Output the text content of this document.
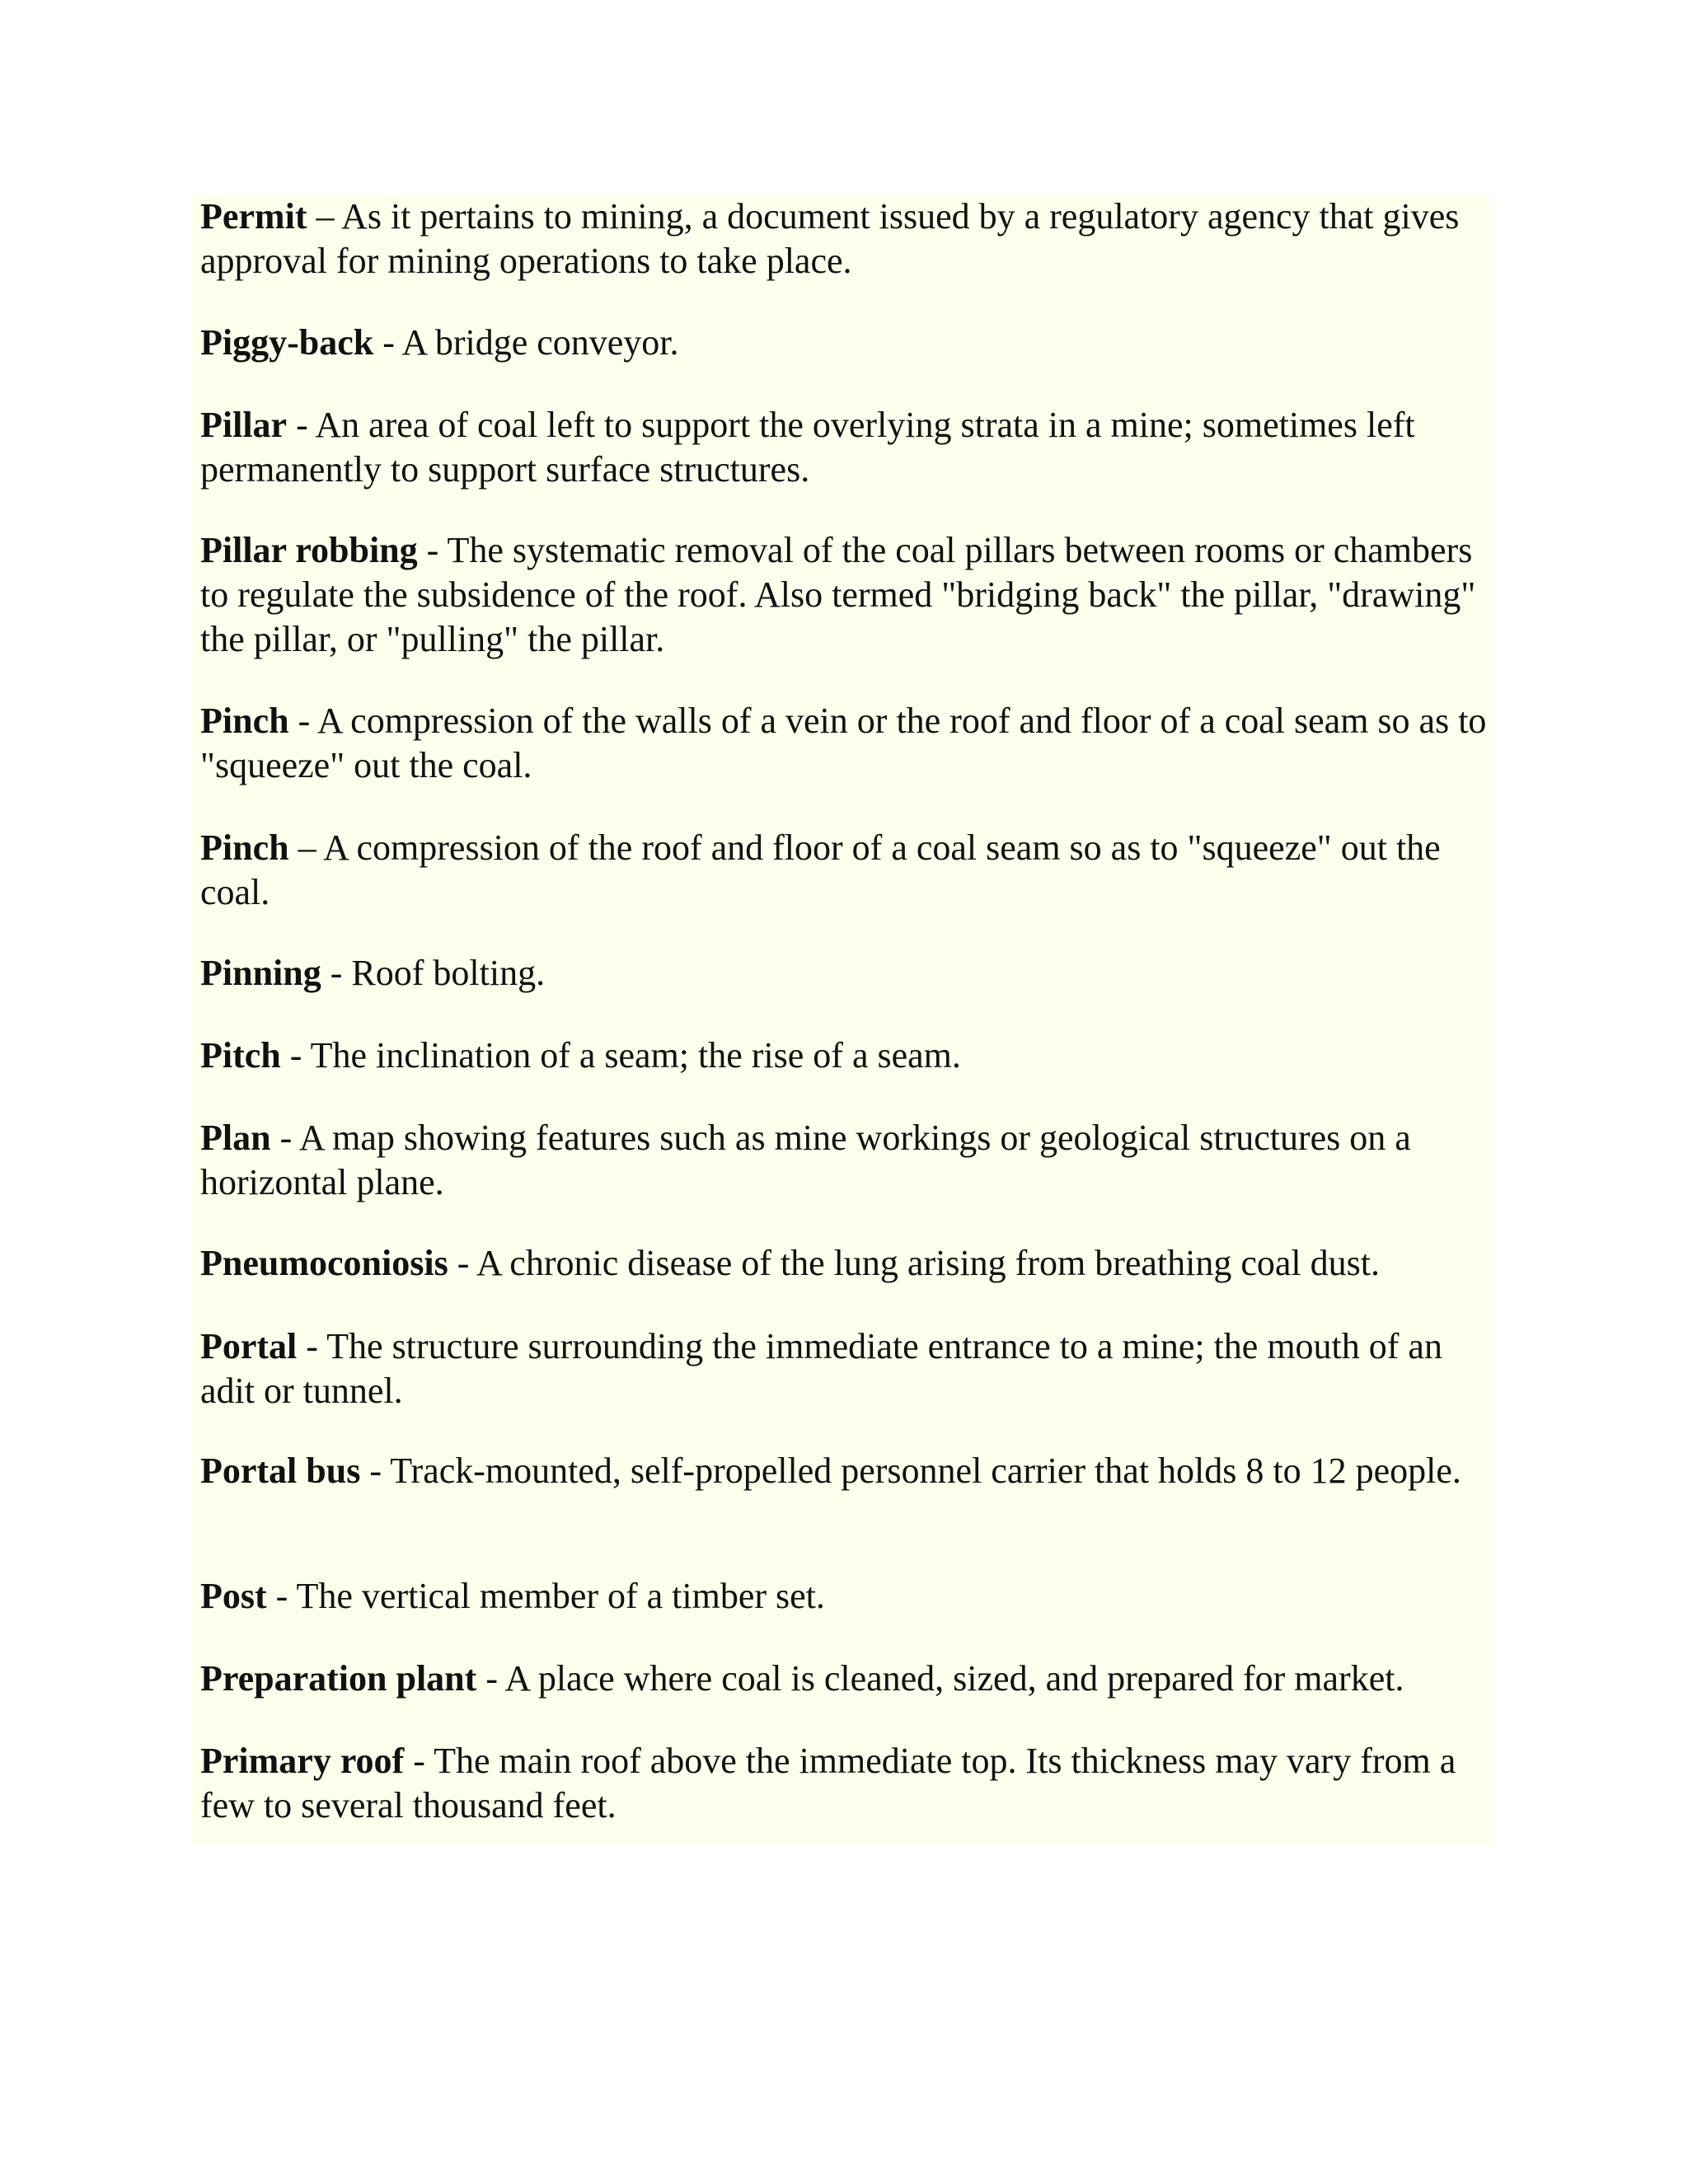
Permit – As it pertains to mining, a document issued by a regulatory agency that gives approval for mining operations to take place.

Piggy-back - A bridge conveyor.

Pillar - An area of coal left to support the overlying strata in a mine; sometimes left permanently to support surface structures.

Pillar robbing - The systematic removal of the coal pillars between rooms or chambers to regulate the subsidence of the roof. Also termed "bridging back" the pillar, "drawing" the pillar, or "pulling" the pillar.

Pinch - A compression of the walls of a vein or the roof and floor of a coal seam so as to "squeeze" out the coal.

Pinch – A compression of the roof and floor of a coal seam so as to "squeeze" out the coal.

Pinning - Roof bolting.

Pitch - The inclination of a seam; the rise of a seam.

Plan - A map showing features such as mine workings or geological structures on a horizontal plane.

Pneumoconiosis - A chronic disease of the lung arising from breathing coal dust.

Portal - The structure surrounding the immediate entrance to a mine; the mouth of an adit or tunnel.

Portal bus - Track-mounted, self-propelled personnel carrier that holds 8 to 12 people.

Post - The vertical member of a timber set.

Preparation plant - A place where coal is cleaned, sized, and prepared for market.

Primary roof - The main roof above the immediate top. Its thickness may vary from a few to several thousand feet.
